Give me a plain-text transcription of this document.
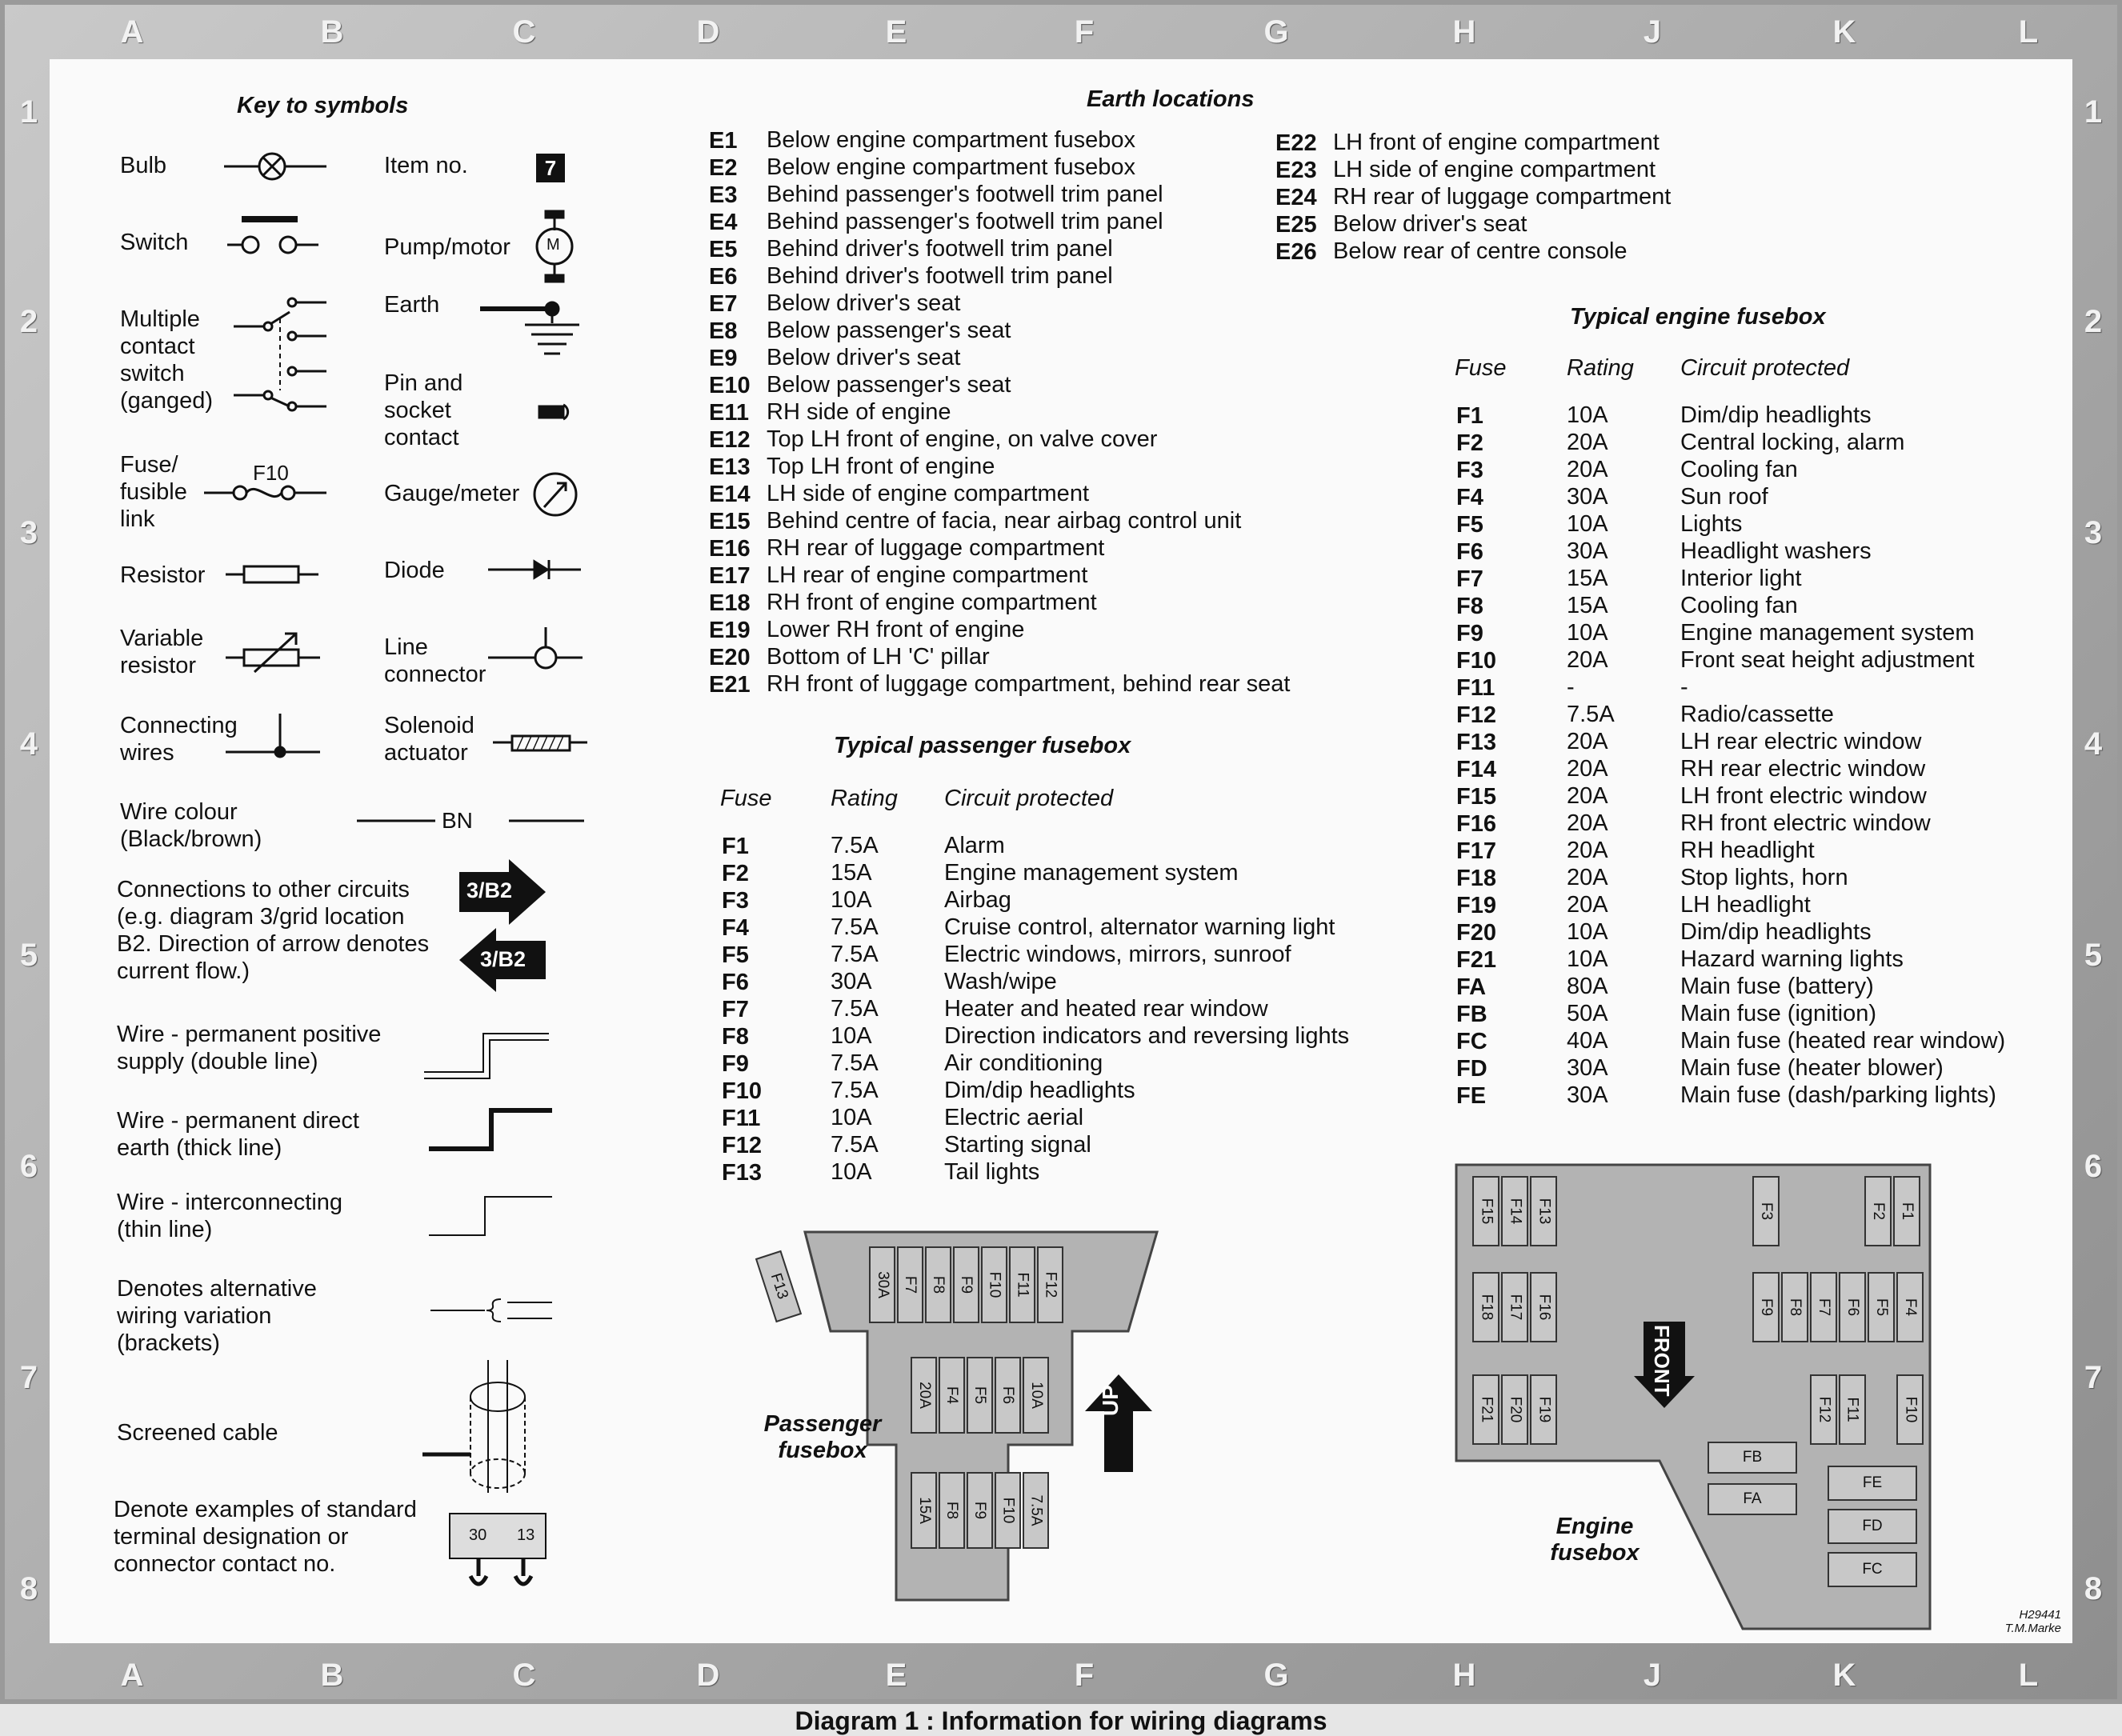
A
A
B
B
C
C
D
D
E
E
F
F
G
G
H
H
J
J
K
K
L
L
1	1
2	2
3	3
4	4
5	5
6	6
7	7
8	8
Key to symbols
Bulb
Switch
Multiple contact switch (ganged)
Fuse/ fusible link
Resistor
Variable resistor
Connecting wires
Item no.
Pump/motor
Earth
Pin and socket contact
Gauge/meter
Diode
Line connector
Solenoid actuator
Wire colour (Black/brown)
Connections to other circuits (e.g. diagram 3/grid location B2. Direction of arrow denotes current flow.)
Wire - permanent positive supply (double line)
Wire - permanent direct earth (thick line)
Wire - interconnecting (thin line)
Denotes alternative wiring variation (brackets)
Screened cable
Denote examples of standard terminal designation or connector contact no.
7
M
F10
BN
3/B2
3/B2
30 13
Earth locations
E1 Below engine compartment fusebox
E2 Below engine compartment fusebox
E3 Behind passenger's footwell trim panel
E4 Behind passenger's footwell trim panel
E5 Behind driver's footwell trim panel
E6 Behind driver's footwell trim panel
E7 Below driver's seat
E8 Below passenger's seat
E9 Below driver's seat
E10 Below passenger's seat
E11 RH side of engine
E12 Top LH front of engine, on valve cover
E13 Top LH front of engine
E14 LH side of engine compartment
E15 Behind centre of facia, near airbag control unit
E16 RH rear of luggage compartment
E17 LH rear of engine compartment
E18 RH front of engine compartment
E19 Lower RH front of engine
E20 Bottom of LH 'C' pillar
E21 RH front of luggage compartment, behind rear seat
E22 LH front of engine compartment
E23 LH side of engine compartment
E24 RH rear of luggage compartment
E25 Below driver's seat
E26 Below rear of centre console
Typical passenger fusebox
Fuse	Rating Circuit protected
F1	7.5A	Alarm
F2	15A	Engine management system
F3	10A	Airbag
F4	7.5A	Cruise control, alternator warning light
F5	7.5A	Electric windows, mirrors, sunroof
F6	30A	Wash/wipe
F7	7.5A	Heater and heated rear window
F8	10A	Direction indicators and reversing lights
F9	7.5A	Air conditioning
F10	7.5A	Dim/dip headlights
F11	10A	Electric aerial
F12	7.5A	Starting signal
F13	10A	Tail lights
Typical engine fusebox
Fuse	Rating Circuit protected
F1	10A	Dim/dip headlights
F2	20A	Central locking, alarm
F3	20A	Cooling fan
F4	30A	Sun roof
F5	10A	Lights
F6	30A	Headlight washers
F7	15A	Interior light
F8	15A	Cooling fan
F9	10A	Engine management system
F10	20A	Front seat height adjustment
F11	-	-
F12	7.5A	Radio/cassette
F13	20A	LH rear electric window
F14	20A	RH rear electric window
F15	20A	LH front electric window
F16	20A	RH front electric window
F17	20A	RH headlight
F18	20A	Stop lights, horn
F19	20A	LH headlight
F20	10A	Dim/dip headlights
F21	10A	Hazard warning lights
FA	80A	Main fuse (battery)
FB	50A	Main fuse (ignition)
FC	40A	Main fuse (heated rear window)
FD	30A	Main fuse (heater blower)
FE	30A	Main fuse (dash/parking lights)
30A F7 F8 F9 F10 F11 F12
20A F4 F5 F6 10A
15A F8 F9 F10 7.5A
F13
Passenger fusebox
UP
F15 F14 F13
F18 F17 F16
F21 F20 F19
F3	F2 F1
F9 F8 F7 F6 F5 F4
F12 F11	F10
FB
FA
FE
FD
FC
Engine fusebox
FRONT
H29441
T.M.Marke
Diagram 1 : Information for wiring diagrams
